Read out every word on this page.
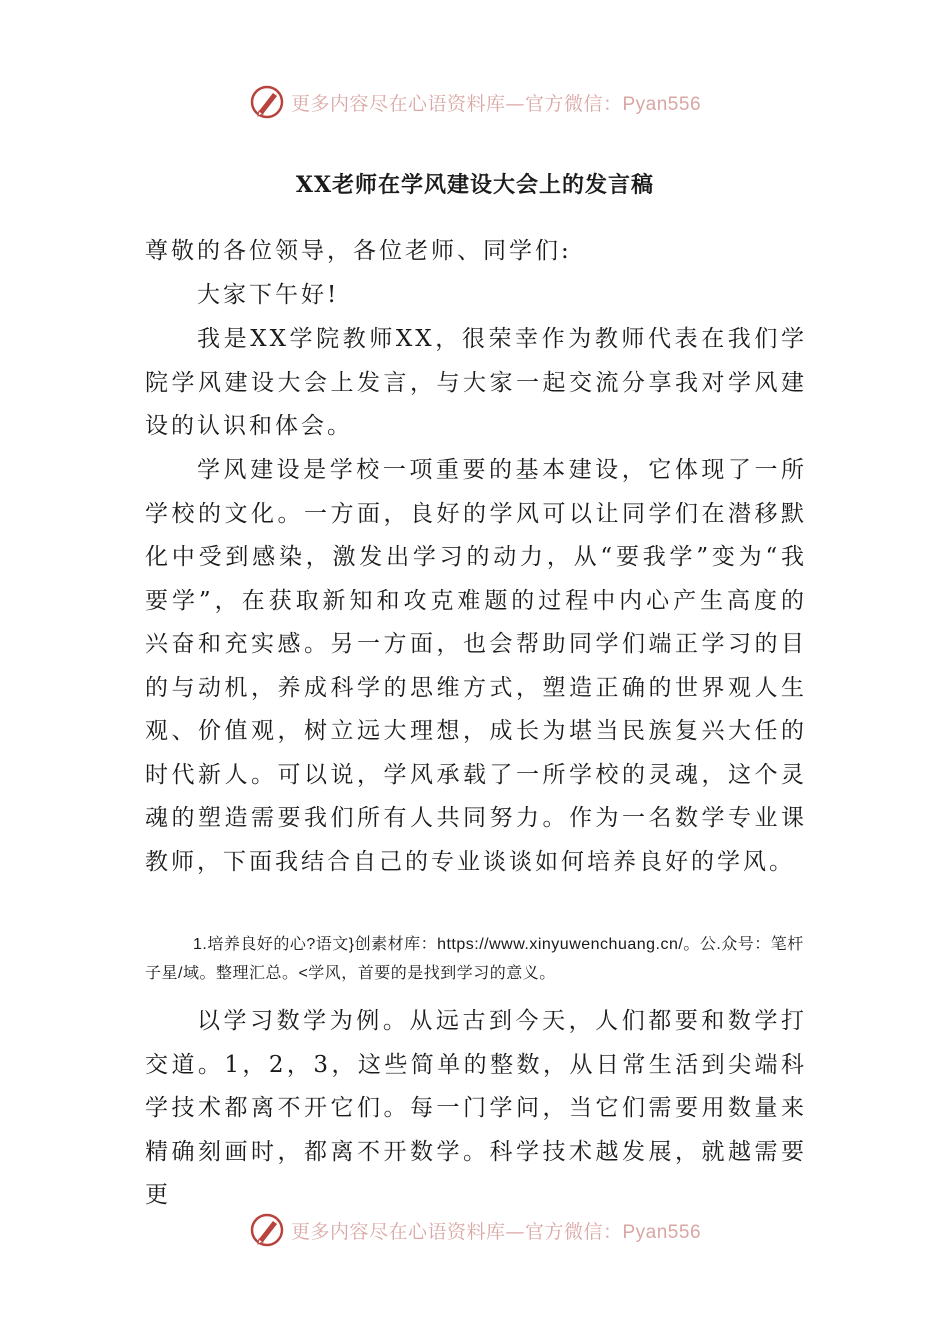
更多内容尽在心语资料库—官方微信：Pyan556
XX老师在学风建设大会上的发言稿

尊敬的各位领导，各位老师、同学们:

大家下午好!

我是XX学院教师XX，很荣幸作为教师代表在我们学院学风建设大会上发言，与大家一起交流分享我对学风建设的认识和体会。

学风建设是学校一项重要的基本建设，它体现了一所学校的文化。一方面，良好的学风可以让同学们在潜移默化中受到感染，激发出学习的动力，从“要我学”变为“我要学”，在获取新知和攻克难题的过程中内心产生高度的兴奋和充实感。另一方面，也会帮助同学们端正学习的目的与动机，养成科学的思维方式，塑造正确的世界观人生观、价值观，树立远大理想，成长为堪当民族复兴大任的时代新人。可以说，学风承载了一所学校的灵魂，这个灵魂的塑造需要我们所有人共同努力。作为一名数学专业课教师，下面我结合自己的专业谈谈如何培养良好的学风。

1.培养良好的心?语文}创素材库：https://www.xinyuwenchuang.cn/。公.众号：笔杆子星/域。整理汇总。<学风，首要的是找到学习的意义。

以学习数学为例。从远古到今天，人们都要和数学打交道。1，2，3，这些简单的整数，从日常生活到尖端科学技术都离不开它们。每一门学问，当它们需要用数量来精确刻画时，都离不开数学。科学技术越发展，就越需要更

更多内容尽在心语资料库—官方微信：Pyan556
